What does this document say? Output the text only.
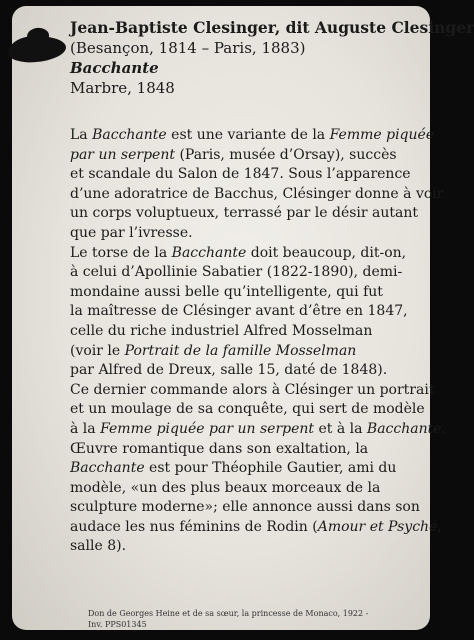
Jean-Baptiste Clesinger, dit Auguste Clesinger

(Besançon, 1814 – Paris, 1883)

Bacchante

Marbre, 1848

La Bacchante est une variante de la Femme piquée
par un serpent (Paris, musée d’Orsay), succès
et scandale du Salon de 1847. Sous l’apparence
d’une adoratrice de Bacchus, Clésinger donne à voir
un corps voluptueux, terrassé par le désir autant
que par l’ivresse.
Le torse de la Bacchante doit beaucoup, dit-on,
à celui d’Apollinie Sabatier (1822-1890), demi-
mondaine aussi belle qu’intelligente, qui fut
la maîtresse de Clésinger avant d’être en 1847,
celle du riche industriel Alfred Mosselman
(voir le Portrait de la famille Mosselman
par Alfred de Dreux, salle 15, daté de 1848).
Ce dernier commande alors à Clésinger un portrait
et un moulage de sa conquête, qui sert de modèle
à la Femme piquée par un serpent et à la Bacchante.
Œuvre romantique dans son exaltation, la
Bacchante est pour Théophile Gautier, ami du
modèle, «un des plus beaux morceaux de la
sculpture moderne»; elle annonce aussi dans son
audace les nus féminins de Rodin (Amour et Psyché,
salle 8).
Don de Georges Heine et de sa sœur, la princesse de Monaco, 1922 -
Inv. PPS01345
